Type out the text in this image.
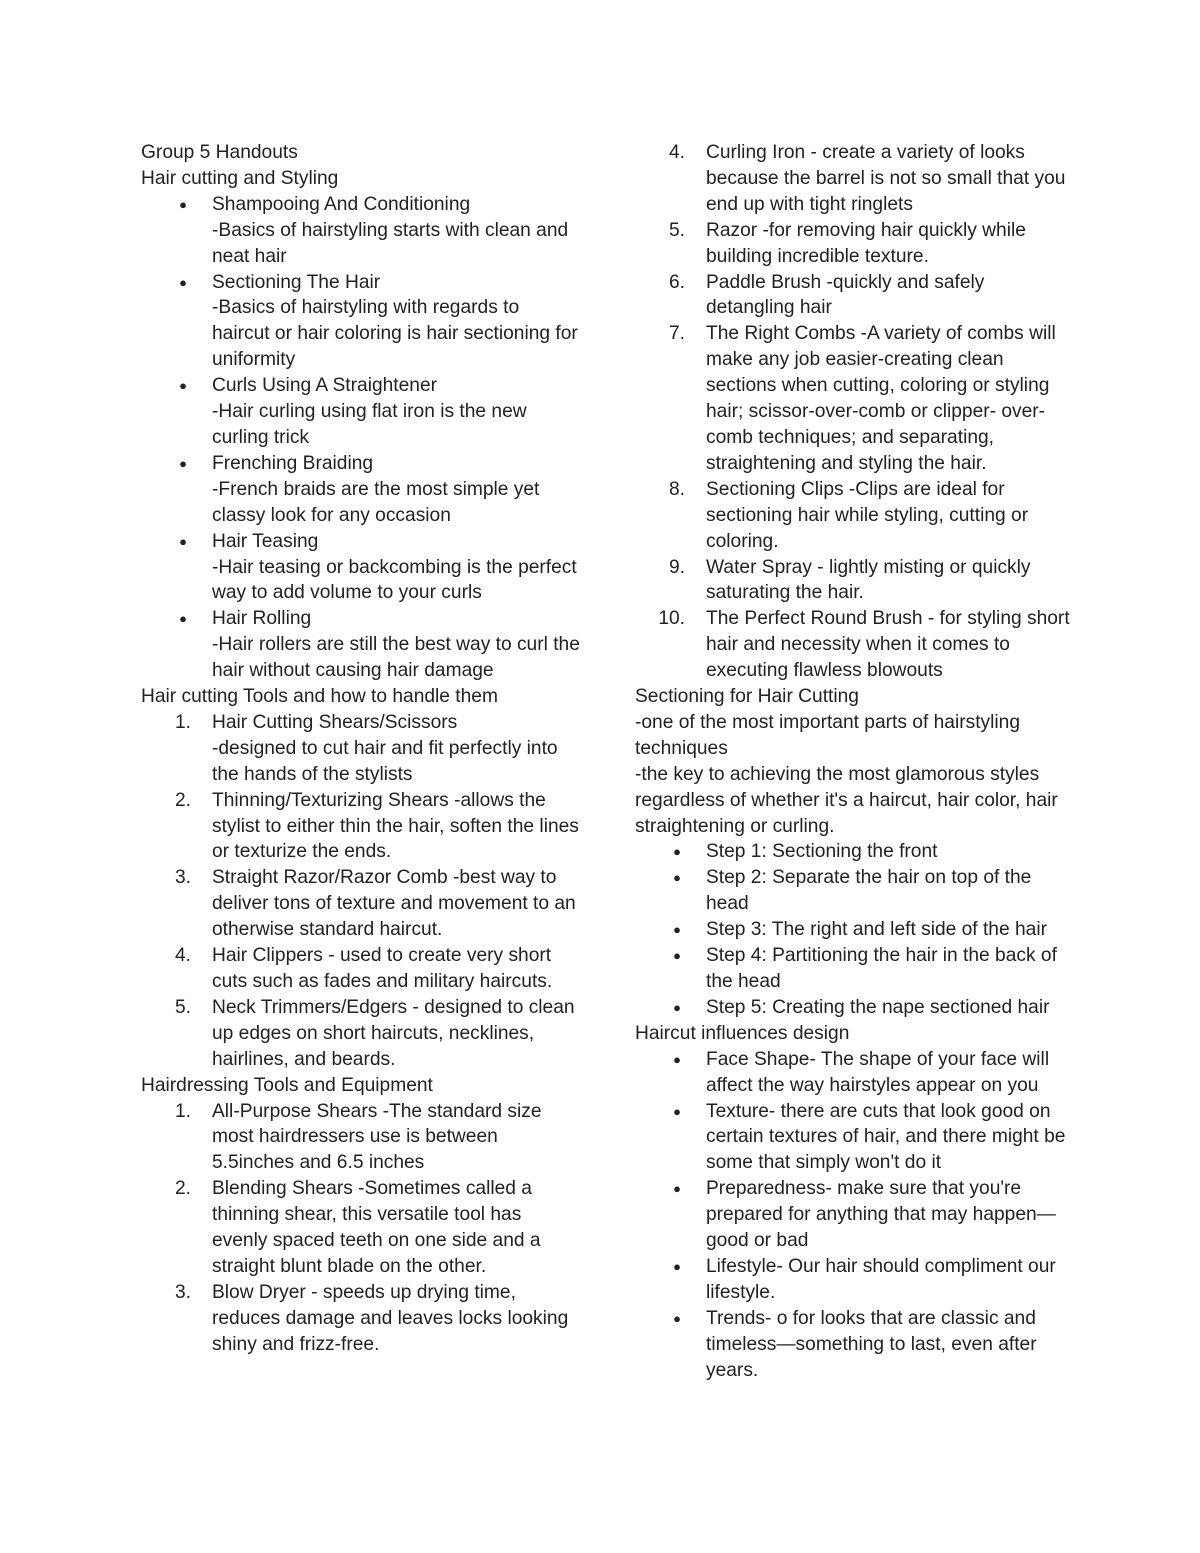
Group 5 Handouts
Hair cutting and Styling
● Shampooing And Conditioning
-Basics of hairstyling starts with clean and neat hair
● Sectioning The Hair
-Basics of hairstyling with regards to haircut or hair coloring is hair sectioning for uniformity
● Curls Using A Straightener
-Hair curling using flat iron is the new curling trick
● Frenching Braiding
-French braids are the most simple yet classy look for any occasion
● Hair Teasing
-Hair teasing or backcombing is the perfect way to add volume to your curls
● Hair Rolling
-Hair rollers are still the best way to curl the hair without causing hair damage
Hair cutting Tools and how to handle them
1. Hair Cutting Shears/Scissors
-designed to cut hair and fit perfectly into the hands of the stylists
2. Thinning/Texturizing Shears -allows the stylist to either thin the hair, soften the lines or texturize the ends.
3. Straight Razor/Razor Comb -best way to deliver tons of texture and movement to an otherwise standard haircut.
4. Hair Clippers - used to create very short cuts such as fades and military haircuts.
5. Neck Trimmers/Edgers - designed to clean up edges on short haircuts, necklines, hairlines, and beards.
Hairdressing Tools and Equipment
1. All-Purpose Shears -The standard size most hairdressers use is between 5.5inches and 6.5 inches
2. Blending Shears -Sometimes called a thinning shear, this versatile tool has evenly spaced teeth on one side and a straight blunt blade on the other.
3. Blow Dryer - speeds up drying time, reduces damage and leaves locks looking shiny and frizz-free.
4. Curling Iron - create a variety of looks because the barrel is not so small that you end up with tight ringlets
5. Razor -for removing hair quickly while building incredible texture.
6. Paddle Brush -quickly and safely detangling hair
7. The Right Combs -A variety of combs will make any job easier-creating clean sections when cutting, coloring or styling hair; scissor-over-comb or clipper- over-comb techniques; and separating, straightening and styling the hair.
8. Sectioning Clips -Clips are ideal for sectioning hair while styling, cutting or coloring.
9. Water Spray - lightly misting or quickly saturating the hair.
10. The Perfect Round Brush - for styling short hair and necessity when it comes to executing flawless blowouts
Sectioning for Hair Cutting
-one of the most important parts of hairstyling techniques
-the key to achieving the most glamorous styles regardless of whether it's a haircut, hair color, hair straightening or curling.
● Step 1: Sectioning the front
● Step 2: Separate the hair on top of the head
● Step 3: The right and left side of the hair
● Step 4: Partitioning the hair in the back of the head
● Step 5: Creating the nape sectioned hair
Haircut influences design
● Face Shape- The shape of your face will affect the way hairstyles appear on you
● Texture- there are cuts that look good on certain textures of hair, and there might be some that simply won't do it
● Preparedness- make sure that you're prepared for anything that may happen—good or bad
● Lifestyle- Our hair should compliment our lifestyle.
● Trends- o for looks that are classic and timeless—something to last, even after years.
